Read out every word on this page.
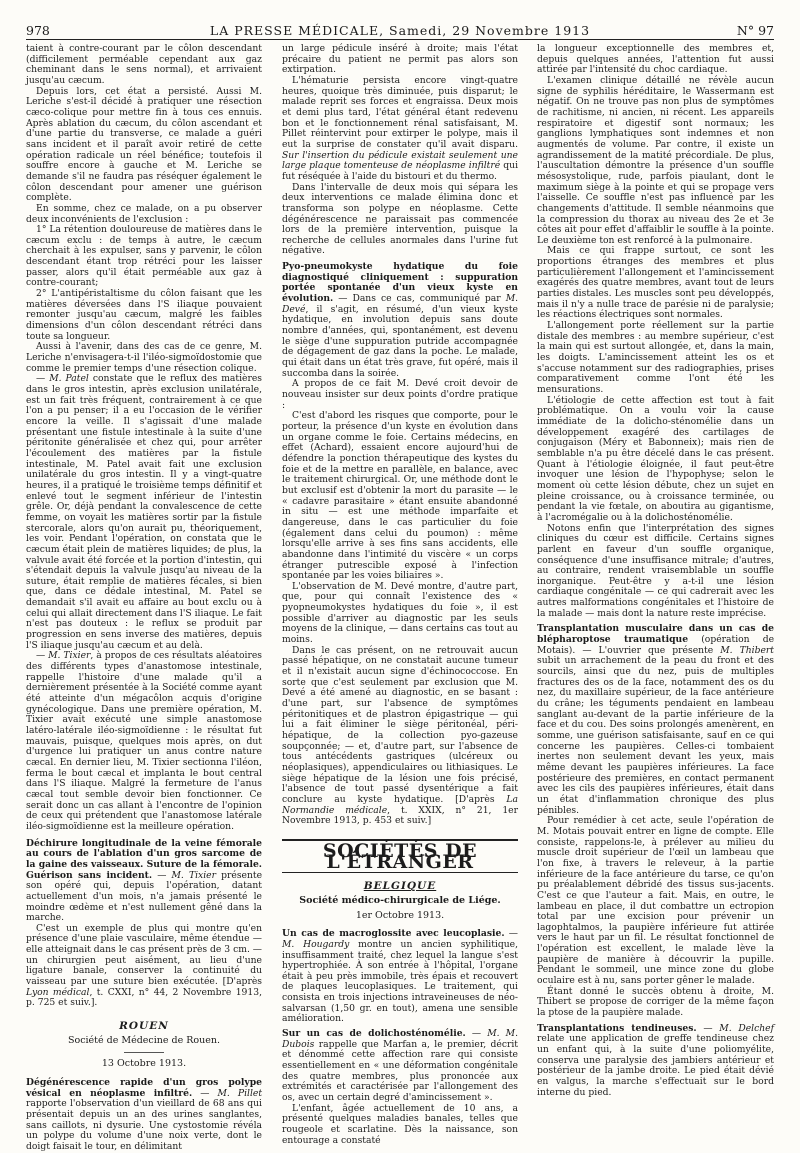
978	LA PRESSE MÉDICALE, Samedi, 29 Novembre 1913	N° 97

taient à contre-courant par le côlon descendant (difficilement perméable cependant aux gaz cheminant dans le sens normal), et arrivaient jusqu'au cæcum.

Depuis lors, cet état a persisté. Aussi M. Leriche s'est-il décidé à pratiquer une résection cæco-colique pour mettre fin à tous ces ennuis. Après ablation du cæcum, du côlon ascendant et d'une partie du transverse, ce malade a guéri sans incident et il paraît avoir retiré de cette opération radicale un réel bénéfice; toutefois il souffre encore à gauche et M. Leriche se demande s'il ne faudra pas réséquer également le côlon descendant pour amener une guérison complète.

En somme, chez ce malade, on a pu observer deux inconvénients de l'exclusion :

1° La rétention douloureuse de matières dans le cæcum exclu : de temps à autre, le cæcum cherchait à les expulser, sans y parvenir, le côlon descendant étant trop rétréci pour les laisser passer, alors qu'il était perméable aux gaz à contre-courant;

2° L'antipéristaltisme du côlon faisant que les matières déversées dans l'S iliaque pouvaient remonter jusqu'au cæcum, malgré les faibles dimensions d'un côlon descendant rétréci dans toute sa longueur.

Aussi à l'avenir, dans des cas de ce genre, M. Leriche n'envisagera-t-il l'iléo-sigmoïdostomie que comme le premier temps d'une résection colique.

— M. Patel constate que le reflux des matières dans le gros intestin, après exclusion unilatérale, est un fait très fréquent, contrairement à ce que l'on a pu penser; il a eu l'occasion de le vérifier encore la veille. Il s'agissait d'une malade présentant une fistule intestinale à la suite d'une péritonite généralisée et chez qui, pour arrêter l'écoulement des matières par la fistule intestinale, M. Patel avait fait une exclusion unilatérale du gros intestin. Il y a vingt-quatre heures, il a pratiqué le troisième temps définitif et enlevé tout le segment inférieur de l'intestin grêle. Or, déjà pendant la convalescence de cette femme, on voyait les matières sortir par la fistule stercorale, alors qu'on aurait pu, théoriquement, les voir. Pendant l'opération, on constata que le cæcum était plein de matières liquides; de plus, la valvule avait été forcée et la portion d'intestin, qui s'étendait depuis la valvule jusqu'au niveau de la suture, était remplie de matières fécales, si bien que, dans ce dédale intestinal, M. Patel se demandait s'il avait eu affaire au bout exclu ou à celui qui allait directement dans l'S iliaque. Le fait n'est pas douteux : le reflux se produit par progression en sens inverse des matières, depuis l'S iliaque jusqu'au cæcum et au delà.

— M. Tixier, à propos de ces résultats aléatoires des différents types d'anastomose intestinale, rappelle l'histoire d'une malade qu'il a dernièrement présentée à la Société comme ayant été atteinte d'un mégacôlon acquis d'origine gynécologique. Dans une première opération, M. Tixier avait exécuté une simple anastomose latéro-latérale iléo-sigmoïdienne : le résultat fut mauvais, puisque, quelques mois après, on dut d'urgence lui pratiquer un anus contre nature cæcal. En dernier lieu, M. Tixier sectionna l'iléon, ferma le bout cæcal et implanta le bout central dans l'S iliaque. Malgré la fermeture de l'anus cæcal tout semble devoir bien fonctionner. Ce serait donc un cas allant à l'encontre de l'opinion de ceux qui prétendent que l'anastomose latérale iléo-sigmoïdienne est la meilleure opération.

Déchirure longitudinale de la veine fémorale au cours de l'ablation d'un gros sarcome de la gaine des vaisseaux. Suture de la fémorale. Guérison sans incident. — M. Tixier présente son opéré qui, depuis l'opération, datant actuellement d'un mois, n'a jamais présenté le moindre œdème et n'est nullement gêné dans la marche.

C'est un exemple de plus qui montre qu'en présence d'une plaie vasculaire, même étendue — elle atteignait dans le cas présent près de 3 cm. — un chirurgien peut aisément, au lieu d'une ligature banale, conserver la continuité du vaisseau par une suture bien exécutée. [D'après Lyon médical, t. CXXI, n° 44, 2 Novembre 1913, p. 725 et suiv.].

ROUEN
Société de Médecine de Rouen.
13 Octobre 1913.

Dégénérescence rapide d'un gros polype vésical en néoplasme infiltré. — M. Pillet rapporte l'observation d'un vieillard de 68 ans qui présentait depuis un an des urines sanglantes, sans caillots, ni dysurie. Une cystostomie révéla un polype du volume d'une noix verte, dont le doigt faisait le tour, en délimitant

un large pédicule inséré à droite; mais l'état précaire du patient ne permit pas alors son extirpation.

L'hématurie persista encore vingt-quatre heures, quoique très diminuée, puis disparut; le malade reprit ses forces et engraissa. Deux mois et demi plus tard, l'état général étant redevenu bon et le fonctionnement rénal satisfaisant, M. Pillet réintervint pour extirper le polype, mais il eut la surprise de constater qu'il avait disparu. Sur l'insertion du pédicule existait seulement une large plaque tomenteuse de néoplasme infiltré qui fut réséquée à l'aide du bistouri et du thermo.

Dans l'intervalle de deux mois qui sépara les deux interventions ce malade élimina donc et transforma son polype en néoplasme. Cette dégénérescence ne paraissait pas commencée lors de la première intervention, puisque la recherche de cellules anormales dans l'urine fut négative.

Pyo-pneumokyste hydatique du foie diagnostiqué cliniquement : suppuration portée spontanée d'un vieux kyste en évolution. — Dans ce cas, communiqué par M. Devé, il s'agit, en résumé, d'un vieux kyste hydatique, en involution depuis sans doute nombre d'années, qui, spontanément, est devenu le siège d'une suppuration putride accompagnée de dégagement de gaz dans la poche. Le malade, qui était dans un état très grave, fut opéré, mais il succomba dans la soirée.

A propos de ce fait M. Devé croit devoir de nouveau insister sur deux points d'ordre pratique :

C'est d'abord les risques que comporte, pour le porteur, la présence d'un kyste en évolution dans un organe comme le foie. Certains médecins, en effet (Achard), essaient encore aujourd'hui de défendre la ponction thérapeutique des kystes du foie et de la mettre en parallèle, en balance, avec le traitement chirurgical. Or, une méthode dont le but exclusif est d'obtenir la mort du parasite — le « cadavre parasitaire » étant ensuite abandonné in situ — est une méthode imparfaite et dangereuse, dans le cas particulier du foie (également dans celui du poumon) : même lorsqu'elle arrive à ses fins sans accidents, elle abandonne dans l'intimité du viscère « un corps étranger putrescible exposé à l'infection spontanée par les voies biliaires ».

L'observation de M. Devé montre, d'autre part, que, pour qui connaît l'existence des « pyopneumokystes hydatiques du foie », il est possible d'arriver au diagnostic par les seuls moyens de la clinique, — dans certains cas tout au moins.

Dans le cas présent, on ne retrouvait aucun passé hépatique, on ne constatait aucune tumeur et il n'existait aucun signe d'échinococcose. En sorte que c'est seulement par exclusion que M. Devé a été amené au diagnostic, en se basant : d'une part, sur l'absence de symptômes péritonitiques et de plastron épigastrique — qui lui a fait éliminer le siège péritonéal, péri-hépatique, de la collection pyo-gazeuse soupçonnée; — et, d'autre part, sur l'absence de tous antécédents gastriques (ulcéreux ou néoplasiques), appendiculaires ou lithiasiques. Le siège hépatique de la lésion une fois précisé, l'absence de tout passé dysentérique a fait conclure au kyste hydatique. [D'après La Normandie médicale, t. XXIX, n° 21, 1er Novembre 1913, p. 453 et suiv.]

SOCIÉTÉS DE L'ÉTRANGER
BELGIQUE
Société médico-chirurgicale de Liége.
1er Octobre 1913.

Un cas de macroglossite avec leucoplasie. — M. Hougardy montre un ancien syphilitique, insuffisamment traité, chez lequel la langue s'est hypertrophiée. À son entrée à l'hôpital, l'organe était à peu près immobile, très épais et recouvert de plaques leucoplasiques. Le traitement, qui consista en trois injections intraveineuses de néo-salvarsan (1,50 gr. en tout), amena une sensible amélioration.

Sur un cas de dolichosténomélie. — M. M. Dubois rappelle que Marfan a, le premier, décrit et dénommé cette affection rare qui consiste essentiellement en « une déformation congénitale des quatre membres, plus prononcée aux extrémités et caractérisée par l'allongement des os, avec un certain degré d'amincissement ».

L'enfant, âgée actuellement de 10 ans, a présenté quelques maladies banales, telles que rougeole et scarlatine. Dès la naissance, son entourage a constaté

la longueur exceptionnelle des membres et, depuis quelques années, l'attention fut aussi attirée par l'intensité du choc cardiaque.

L'examen clinique détaillé ne révèle aucun signe de syphilis héréditaire, le Wassermann est négatif. On ne trouve pas non plus de symptômes de rachitisme, ni ancien, ni récent. Les appareils respiratoire et digestif sont normaux; les ganglions lymphatiques sont indemnes et non augmentés de volume. Par contre, il existe un agrandissement de la matité précordiale. De plus, l'auscultation démontre la présence d'un souffle mésosystolique, rude, parfois piaulant, dont le maximum siège à la pointe et qui se propage vers l'aisselle. Ce souffle n'est pas influencé par les changements d'attitude. Il semble néanmoins que la compression du thorax au niveau des 2e et 3e côtes ait pour effet d'affaiblir le souffle à la pointe. Le deuxième ton est renforcé à la pulmonaire.

Mais ce qui frappe surtout, ce sont les proportions étranges des membres et plus particulièrement l'allongement et l'amincissement exagérés des quatre membres, avant tout de leurs parties distales. Les muscles sont peu développés, mais il n'y a nulle trace de parésie ni de paralysie; les réactions électriques sont normales.

L'allongement porte réellement sur la partie distale des membres : au membre supérieur, c'est la main qui est surtout allongée, et, dans la main, les doigts. L'amincissement atteint les os et s'accuse notamment sur des radiographies, prises comparativement comme l'ont été les mensurations.

L'étiologie de cette affection est tout à fait problématique. On a voulu voir la cause immédiate de la dolicho-sténomélie dans un développement exagéré des cartilages de conjugaison (Méry et Babonneix); mais rien de semblable n'a pu être décelé dans le cas présent. Quant à l'étiologie éloignée, il faut peut-être invoquer une lésion de l'hypophyse; selon le moment où cette lésion débute, chez un sujet en pleine croissance, ou à croissance terminée, ou pendant la vie fœtale, on aboutira au gigantisme, à l'acromégalie ou à la dolichosténomélie.

Notons enfin que l'interprétation des signes cliniques du cœur est difficile. Certains signes parlent en faveur d'un souffle organique, conséquence d'une insuffisance mitrale; d'autres, au contraire, rendent vraisemblable un souffle inorganique. Peut-être y a-t-il une lésion cardiaque congénitale — ce qui cadrerait avec les autres malformations congénitales et l'histoire de la malade — mais dont la nature reste imprécise.

Transplantation musculaire dans un cas de blépharoptose traumatique (opération de Motais). — L'ouvrier que présente M. Thibert subit un arrachement de la peau du front et des sourcils, ainsi que du nez, puis de multiples fractures des os de la face, notamment des os du nez, du maxillaire supérieur, de la face antérieure du crâne; les téguments pendaient en lambeau sanglant au-devant de la partie inférieure de la face et du cou. Des soins prolongés amenèrent, en somme, une guérison satisfaisante, sauf en ce qui concerne les paupières. Celles-ci tombaient inertes non seulement devant les yeux, mais même devant les paupières inférieures. La face postérieure des premières, en contact permanent avec les cils des paupières inférieures, était dans un état d'inflammation chronique des plus pénibles.

Pour remédier à cet acte, seule l'opération de M. Motais pouvait entrer en ligne de compte. Elle consiste, rappelons-le, à prélever au milieu du muscle droit supérieur de l'œil un lambeau que l'on fixe, à travers le releveur, à la partie inférieure de la face antérieure du tarse, ce qu'on pu préalablement débridé des tissus sus-jacents. C'est ce que l'auteur a fait. Mais, en outre, le lambeau en place, il dut combattre un ectropion total par une excision pour prévenir un lagophtalmos, la paupière inférieure fut attirée vers le haut par un fil. Le résultat fonctionnel de l'opération est excellent, le malade lève la paupière de manière à découvrir la pupille. Pendant le sommeil, une mince zone du globe oculaire est à nu, sans porter gêner le malade.

Étant donné le succès obtenu à droite, M. Thibert se propose de corriger de la même façon la ptose de la paupière malade.

Transplantations tendineuses. — M. Delchef relate une application de greffe tendineuse chez un enfant qui, à la suite d'une poliomyélite, conserva une paralysie des jambiers antérieur et postérieur de la jambe droite. Le pied était dévié en valgus, la marche s'effectuait sur le bord interne du pied.
